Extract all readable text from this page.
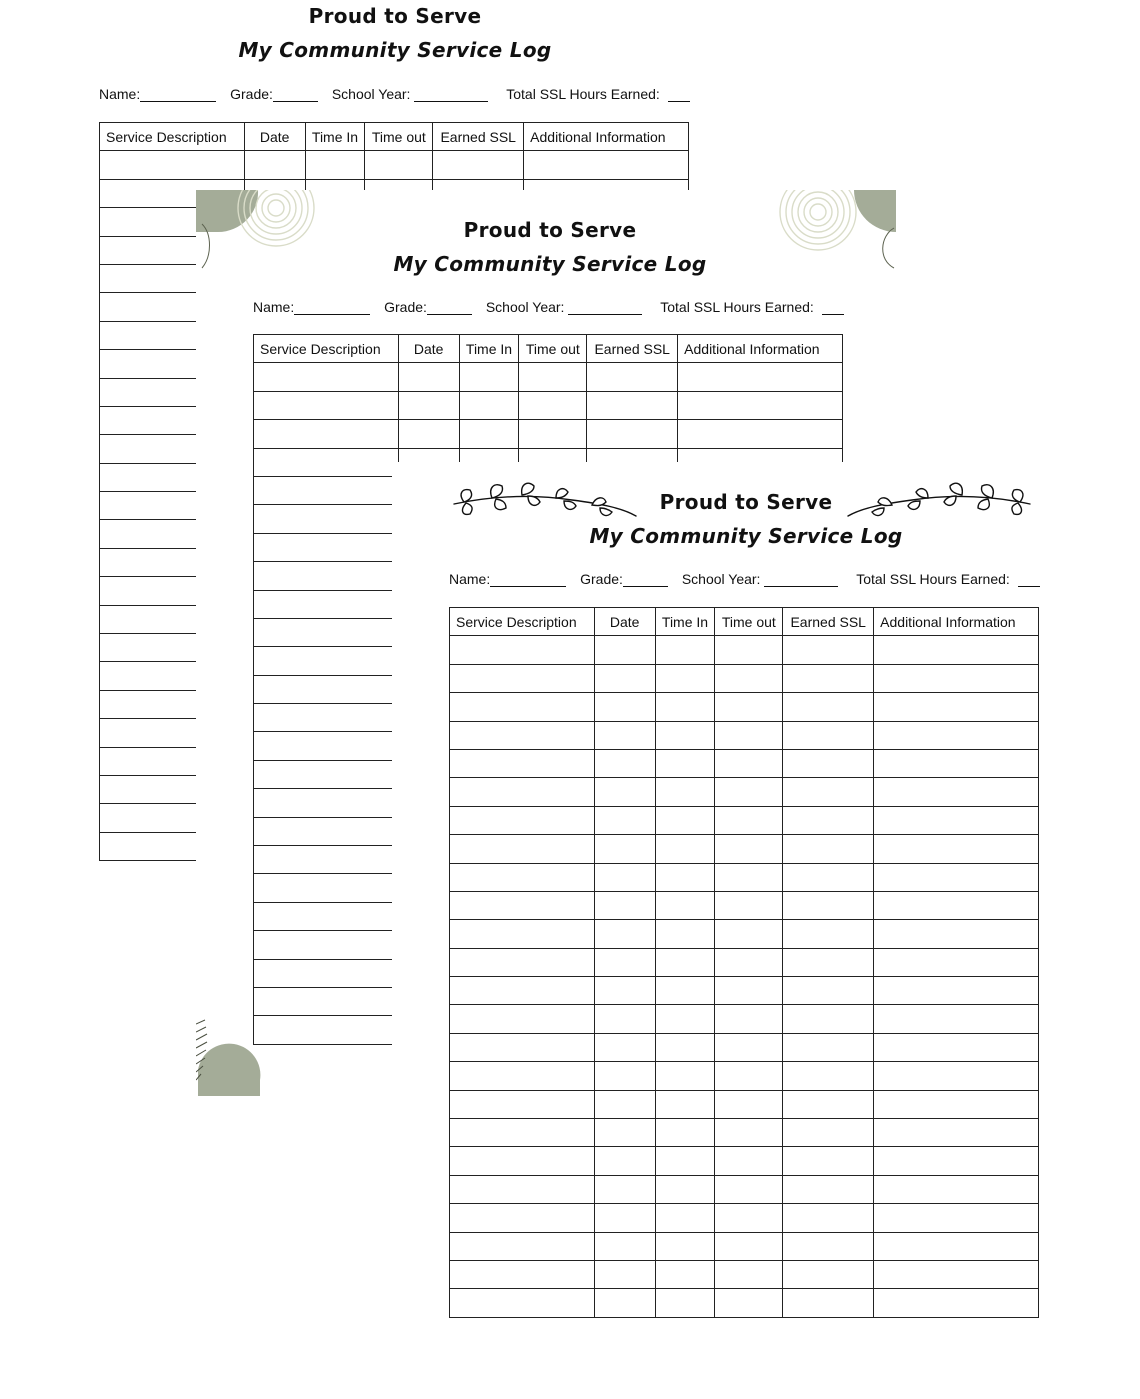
Proud to Serve
My Community Service Log
Name:	Grade:	School Year:	Total SSL Hours Earned:
Service Description	Date	Time In	Time out	Earned SSL	Additional Information

Proud to Serve
My Community Service Log
Name:	Grade:	School Year:	Total SSL Hours Earned:
Service Description	Date	Time In	Time out	Earned SSL	Additional Information

Proud to Serve
My Community Service Log
Name:	Grade:	School Year:	Total SSL Hours Earned:
Service Description	Date	Time In	Time out	Earned SSL	Additional Information
